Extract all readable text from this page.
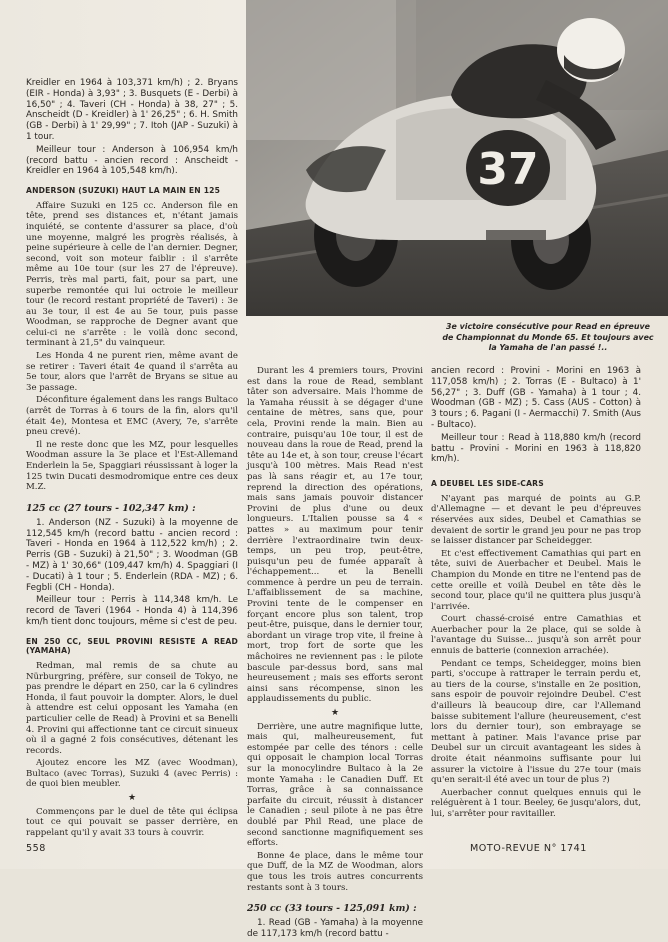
37
3e victoire consécutive pour Read en épreuve de Championnat du Monde 65. Et toujours avec la Yamaha de l'an passé !..

Kreidler en 1964 à 103,371 km/h) ; 2. Bryans (EIR - Honda) à 3,93" ; 3. Busquets (E - Derbi) à 16,50" ; 4. Taveri (CH - Honda) à 38, 27" ; 5. Anscheidt (D - Kreidler) à 1' 26,25" ; 6. H. Smith (GB - Derbi) à 1' 29,99" ; 7. Itoh (JAP - Suzuki) à 1 tour.

Meilleur tour : Anderson à 106,954 km/h (record battu - ancien record : Anscheidt - Kreidler en 1964 à 105,548 km/h).

ANDERSON (SUZUKI) HAUT LA MAIN EN 125

Affaire Suzuki en 125 cc. Anderson file en tête, prend ses distances et, n'étant jamais inquiété, se contente d'assurer sa place, d'où une moyenne, malgré les progrès réalisés, à peine supérieure à celle de l'an dernier. Degner, second, voit son moteur faiblir : il s'arrête même au 10e tour (sur les 27 de l'épreuve). Perris, très mal parti, fait, pour sa part, une superbe remontée qui lui octroie le meilleur tour (le record restant propriété de Taveri) : 3e au 3e tour, il est 4e au 5e tour, puis passe Woodman, se rapproche de Degner avant que celui-ci ne s'arrête : le voilà donc second, terminant à 21,5" du vainqueur.

Les Honda 4 ne purent rien, même avant de se retirer : Taveri était 4e quand il s'arrêta au 5e tour, alors que l'arrêt de Bryans se situe au 3e passage.

Déconfiture également dans les rangs Bultaco (arrêt de Torras à 6 tours de la fin, alors qu'il était 4e), Montesa et EMC (Avery, 7e, s'arrête pneu crevé).

Il ne reste donc que les MZ, pour lesquelles Woodman assure la 3e place et l'Est-Allemand Enderlein la 5e, Spaggiari réussissant à loger la 125 twin Ducati desmodromique entre ces deux M.Z.

125 cc (27 tours - 102,347 km) :

1. Anderson (NZ - Suzuki) à la moyenne de 112,545 km/h (record battu - ancien record : Taveri - Honda en 1964 à 112,522 km/h) ; 2. Perris (GB - Suzuki) à 21,50" ; 3. Woodman (GB - MZ) à 1' 30,66" (109,447 km/h) 4. Spaggiari (I - Ducati) à 1 tour ; 5. Enderlein (RDA - MZ) ; 6. Fegbli (CH - Honda).

Meilleur tour : Perris à 114,348 km/h. Le record de Taveri (1964 - Honda 4) à 114,396 km/h tient donc toujours, même si c'est de peu.

EN 250 CC, SEUL PROVINI RESISTE A READ (YAMAHA)

Redman, mal remis de sa chute au Nürburgring, préfère, sur conseil de Tokyo, ne pas prendre le départ en 250, car la 6 cylindres Honda, il faut pouvoir la dompter. Alors, le duel à attendre est celui opposant les Yamaha (en particulier celle de Read) à Provini et sa Benelli 4. Provini qui affectionne tant ce circuit sinueux où il a gagné 2 fois consécutives, détenant les records.

Ajoutez encore les MZ (avec Woodman), Bultaco (avec Torras), Suzuki 4 (avec Perris) : de quoi bien meubler.

★

Commençons par le duel de tête qui éclipsa tout ce qui pouvait se passer derrière, en rappelant qu'il y avait 33 tours à couvrir.

Durant les 4 premiers tours, Provini est dans la roue de Read, semblant tâter son adversaire. Mais l'homme de la Yamaha réussit à se dégager d'une centaine de mètres, sans que, pour cela, Provini rende la main. Bien au contraire, puisqu'au 10e tour, il est de nouveau dans la roue de Read, prend la tête au 14e et, à son tour, creuse l'écart jusqu'à 100 mètres. Mais Read n'est pas là sans réagir et, au 17e tour, reprend la direction des opérations, mais sans jamais pouvoir distancer Provini de plus d'une ou deux longueurs. L'Italien pousse sa 4 « pattes » au maximum pour tenir derrière l'extraordinaire twin deux-temps, un peu trop, peut-être, puisqu'un peu de fumée apparaît à l'échappement... et la Benelli commence à perdre un peu de terrain. L'affaiblissement de sa machine, Provini tente de le compenser en forçant encore plus son talent, trop peut-être, puisque, dans le dernier tour, abordant un virage trop vite, il freine à mort, trop fort de sorte que les mâchoires ne reviennent pas : le pilote bascule par-dessus bord, sans mal heureusement ; mais ses efforts seront ainsi sans récompense, sinon les applaudissements du public.

★

Derrière, une autre magnifique lutte, mais qui, malheureusement, fut estompée par celle des ténors : celle qui opposait le champion local Torras sur la monocylindre Bultaco à la 2e monte Yamaha : le Canadien Duff. Et Torras, grâce à sa connaissance parfaite du circuit, réussit à distancer le Canadien ; seul pilote à ne pas être doublé par Phil Read, une place de second sanctionne magnifiquement ses efforts.

Bonne 4e place, dans le même tour que Duff, de la MZ de Woodman, alors que tous les trois autres concurrents restants sont à 3 tours.

250 cc (33 tours - 125,091 km) :

1. Read (GB - Yamaha) à la moyenne de 117,173 km/h (record battu -

ancien record : Provini - Morini en 1963 à 117,058 km/h) ; 2. Torras (E - Bultaco) à 1' 56,27" ; 3. Duff (GB - Yamaha) à 1 tour ; 4. Woodman (GB - MZ) ; 5. Cass (AUS - Cotton) à 3 tours ; 6. Pagani (I - Aermacchi) 7. Smith (Aus - Bultaco).

Meilleur tour : Read à 118,880 km/h (record battu - Provini - Morini en 1963 à 118,820 km/h).

A DEUBEL LES SIDE-CARS

N'ayant pas marqué de points au G.P. d'Allemagne — et devant le peu d'épreuves réservées aux sides, Deubel et Camathias se devaient de sortir le grand jeu pour ne pas trop se laisser distancer par Scheidegger.

Et c'est effectivement Camathias qui part en tête, suivi de Auerbacher et Deubel. Mais le Champion du Monde en titre ne l'entend pas de cette oreille et voilà Deubel en tête dès le second tour, place qu'il ne quittera plus jusqu'à l'arrivée.

Court chassé-croisé entre Camathias et Auerbacher pour la 2e place, qui se solde à l'avantage du Suisse... jusqu'à son arrêt pour ennuis de batterie (connexion arrachée).

Pendant ce temps, Scheidegger, moins bien parti, s'occupe à rattraper le terrain perdu et, au tiers de la course, s'installe en 2e position, sans espoir de pouvoir rejoindre Deubel. C'est d'ailleurs là beaucoup dire, car l'Allemand baisse subitement l'allure (heureusement, c'est lors du dernier tour), son embrayage se mettant à patiner. Mais l'avance prise par Deubel sur un circuit avantageant les sides à droite était néanmoins suffisante pour lui assurer la victoire à l'issue du 27e tour (mais qu'en serait-il été avec un tour de plus ?)

Auerbacher connut quelques ennuis qui le reléguèrent à 1 tour. Beeley, 6e jusqu'alors, dut, lui, s'arrêter pour ravitailler.

558	MOTO-REVUE N° 1741
